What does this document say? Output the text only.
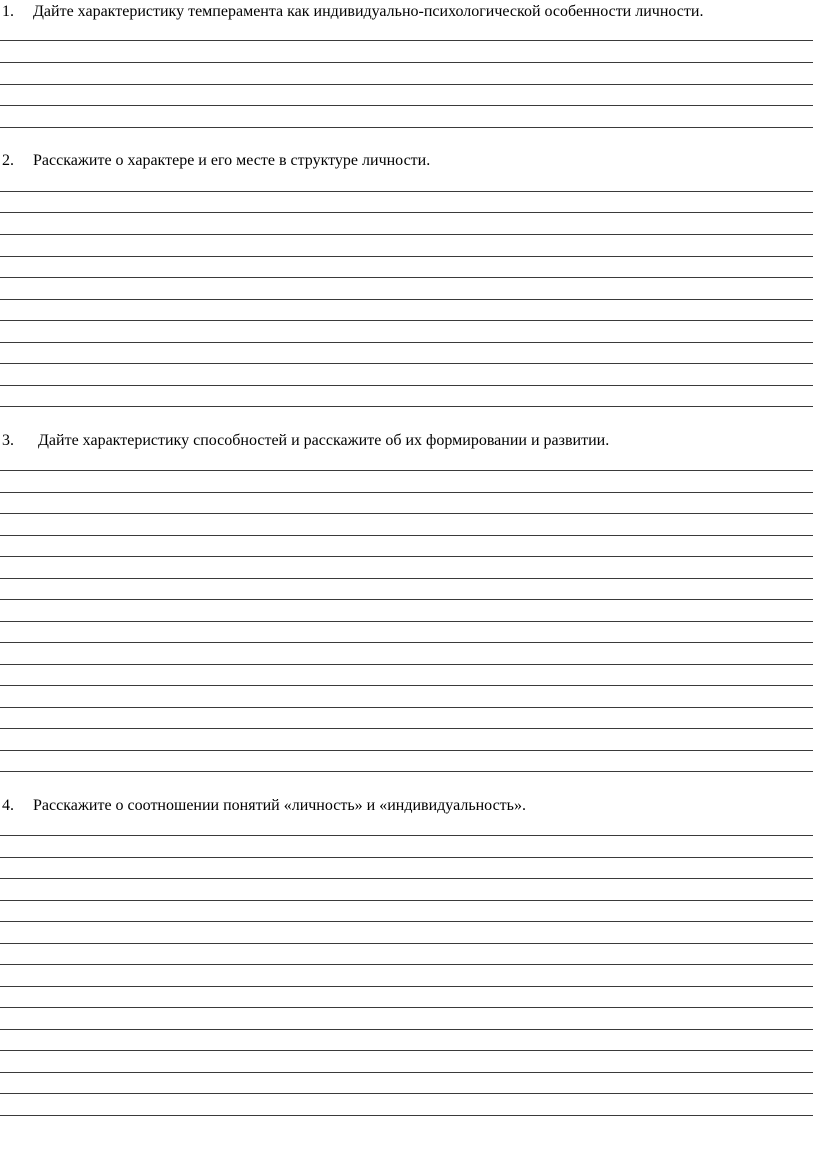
1. Дайте характеристику темперамента как индивидуально-психологической особенности личности.
2. Расскажите о характере и его месте в структуре личности.
3. Дайте характеристику способностей и расскажите об их формировании и развитии.
4. Расскажите о соотношении понятий «личность» и «индивидуальность».
